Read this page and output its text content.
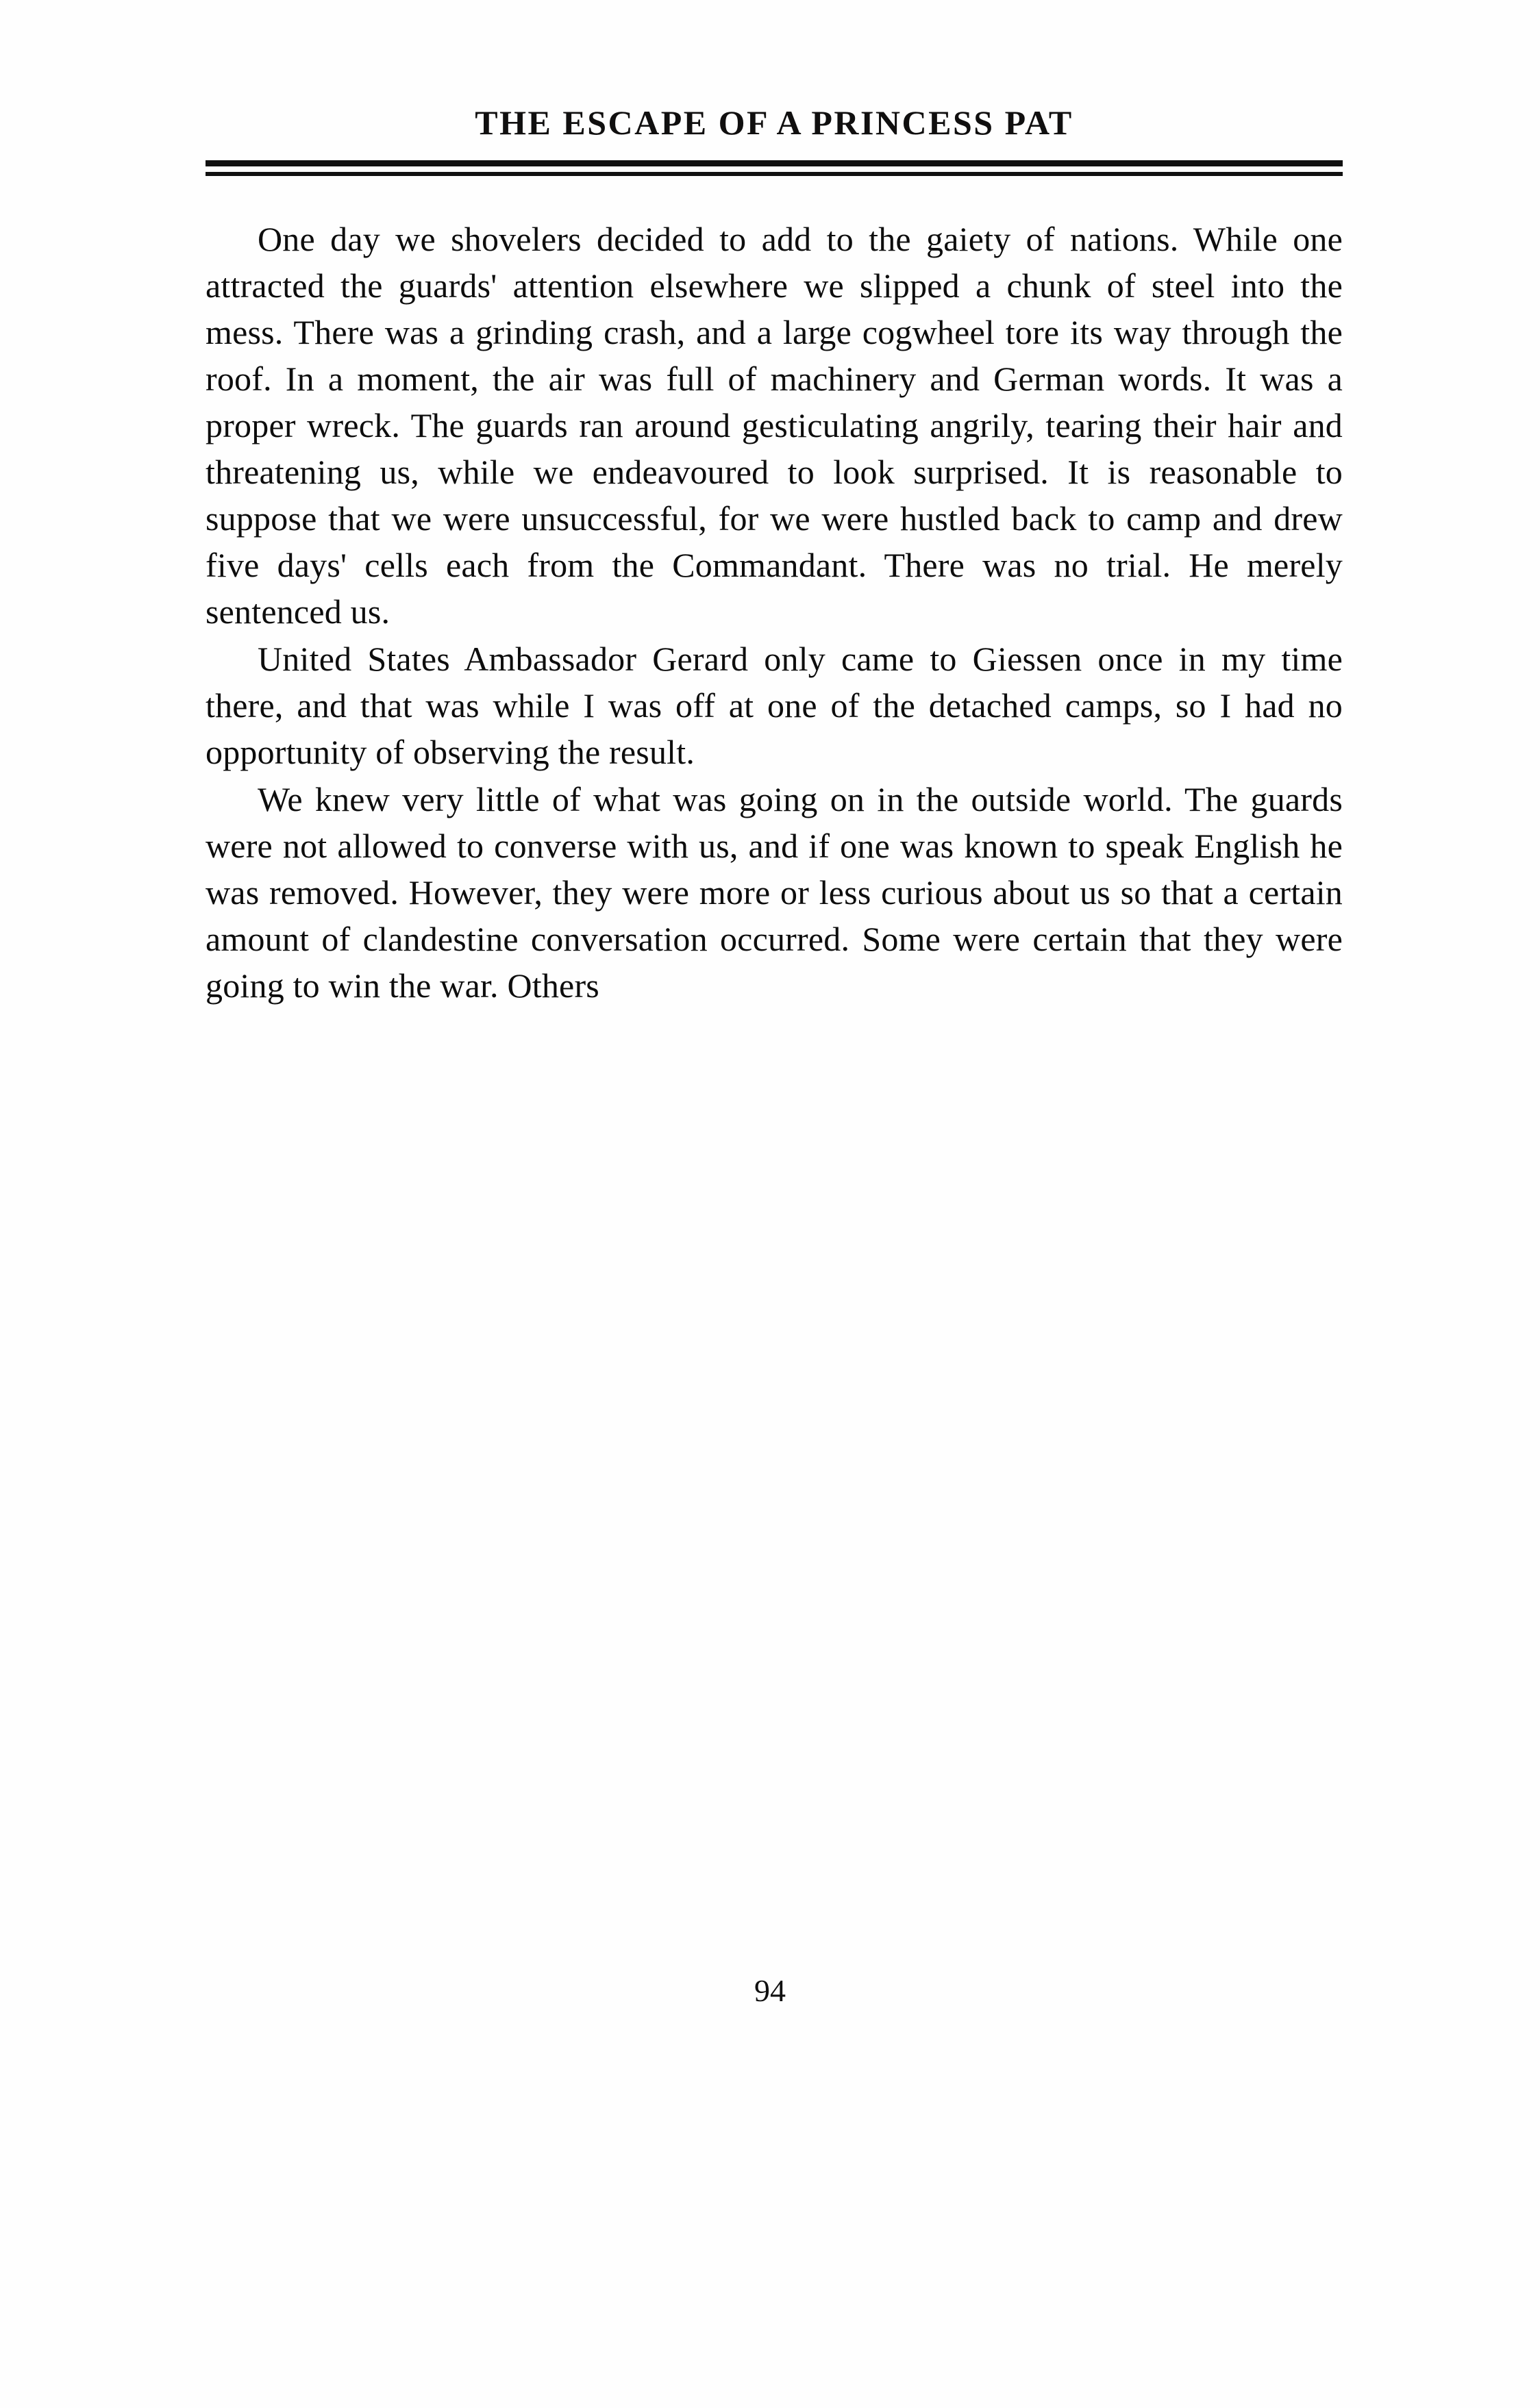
THE ESCAPE OF A PRINCESS PAT

One day we shovelers decided to add to the gaiety of nations. While one attracted the guards' attention elsewhere we slipped a chunk of steel into the mess. There was a grinding crash, and a large cogwheel tore its way through the roof. In a moment, the air was full of machinery and German words. It was a proper wreck. The guards ran around gesticulating angrily, tearing their hair and threatening us, while we endeavoured to look surprised. It is reasonable to suppose that we were unsuccessful, for we were hustled back to camp and drew five days' cells each from the Commandant. There was no trial. He merely sentenced us.

United States Ambassador Gerard only came to Giessen once in my time there, and that was while I was off at one of the detached camps, so I had no opportunity of observing the result.

We knew very little of what was going on in the outside world. The guards were not allowed to converse with us, and if one was known to speak English he was removed. However, they were more or less curious about us so that a certain amount of clandestine conversation occurred. Some were certain that they were going to win the war. Others

94
